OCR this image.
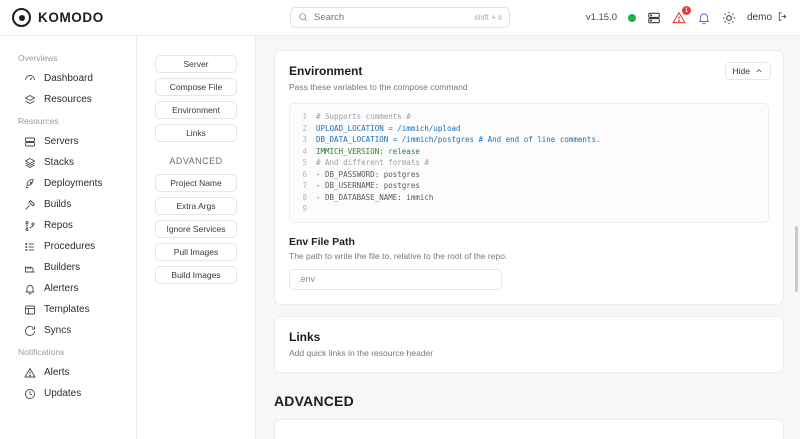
KOMODO
Search	shift + s	v1.15.0
1
demo
Overviews
Dashboard
Resources
Resources
Servers
Stacks
Deployments
Builds
Repos
Procedures
Builders
Alerters
Templates
Syncs
Notifications
Alerts
Updates
Server
Compose File
Environment
Links
ADVANCED
Project Name
Extra Args
Ignore Services
Pull Images
Build Images
Hide
Environment
Pass these variables to the compose command
1	# Supports comments #
2	UPLOAD_LOCATION = /immich/upload
3	DB_DATA_LOCATION = /immich/postgres # And end of line comments.
4	IMMICH_VERSION: release
5	# And different formats #
6	- DB_PASSWORD: postgres
7	- DB_USERNAME: postgres
8	- DB_DATABASE_NAME: immich
9
Env File Path
The path to write the file to, relative to the root of the repo.
.env
Links
Add quick links in the resource header
ADVANCED
